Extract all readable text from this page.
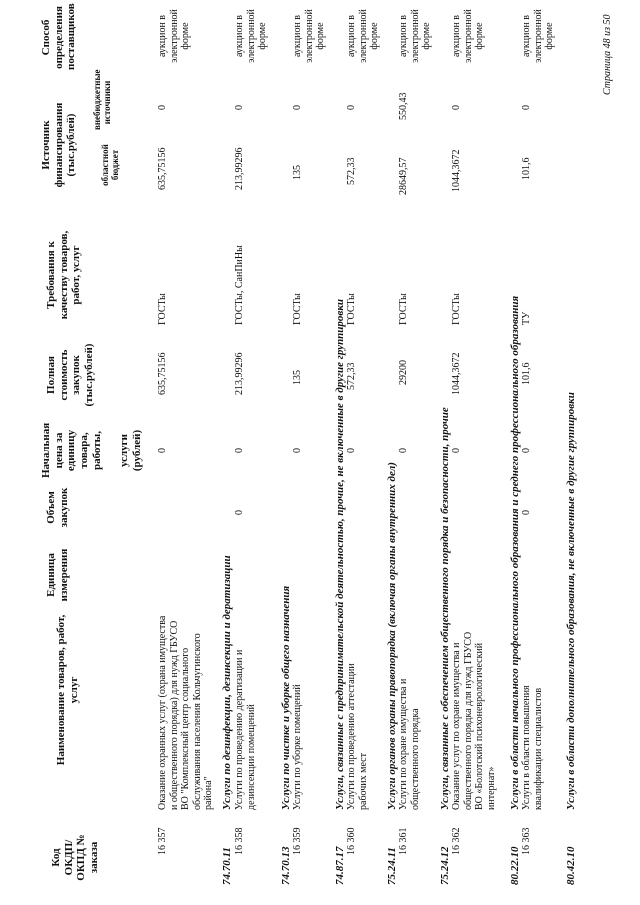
Код ОКДП/ ОКПД № заказа
Наименование товаров, работ, услуг
Единица измерения
Объем закупок
Начальная цена за единицу товара, работы, услуги (рублей)
Полная стоимость закупок (тыс.рублей)
Требования к качеству товаров, работ, услуг
Источник финансирования (тыс.рублей)	областной бюджет
внебюджетные источники
Способ определения поставщиков
16 357
Оказание охранных услуг (охрана имущества и общественного порядка) для нужд ГБУСО ВО "Комплексный центр социального обслуживания населения Кольчугинского района"
0
635,75156
ГОСТы
635,75156
0
аукцион в электронной форме
74.70.11
Услуги по дезинфекции, дезинсекции и дератизации
16 358
Услуги по проведению дератизации и дезинсекции помещений
0
0
213,99296
ГОСТы, СанПиНы
213,99296
0
аукцион в электронной форме
74.70.13
Услуги по чистке и уборке общего назначения
16 359
Услуги по уборке помещений
0
135
ГОСТы
135
0
аукцион в электронной форме
74.87.17
Услуги, связанные с предпринимательской деятельностью, прочие, не включенные в другие группировки
16 360
Услуги по проведению аттестации рабочих мест
0
572,33
ГОСТы
572,33
0
аукцион в электронной форме
75.24.11
Услуги органов охраны правопорядка (включая органы внутренних дел)
16 361
Услуги по охране имущества и общественного порядка
0
29200
ГОСТы
28649,57
550,43
аукцион в электронной форме
75.24.12
Услуги, связанные с обеспечением общественного порядка и безопасности, прочие
16 362
Оказание услуг по охране имущества и общественного порядка для нужд ГБУСО ВО «Болотский психоневрологический интернат»
0
1044,3672
ГОСТы
1044,3672
0
аукцион в электронной форме
80.22.10
Услуги в области начального профессионального образования и среднего профессионального образования
16 363
Услуги в области повышения квалификации специалистов
0
0
101,6
ТУ
101,6
0
аукцион в электронной форме
80.42.10
Услуги в области дополнительного образования, не включенные в другие группировки
Страница 48 из 50
